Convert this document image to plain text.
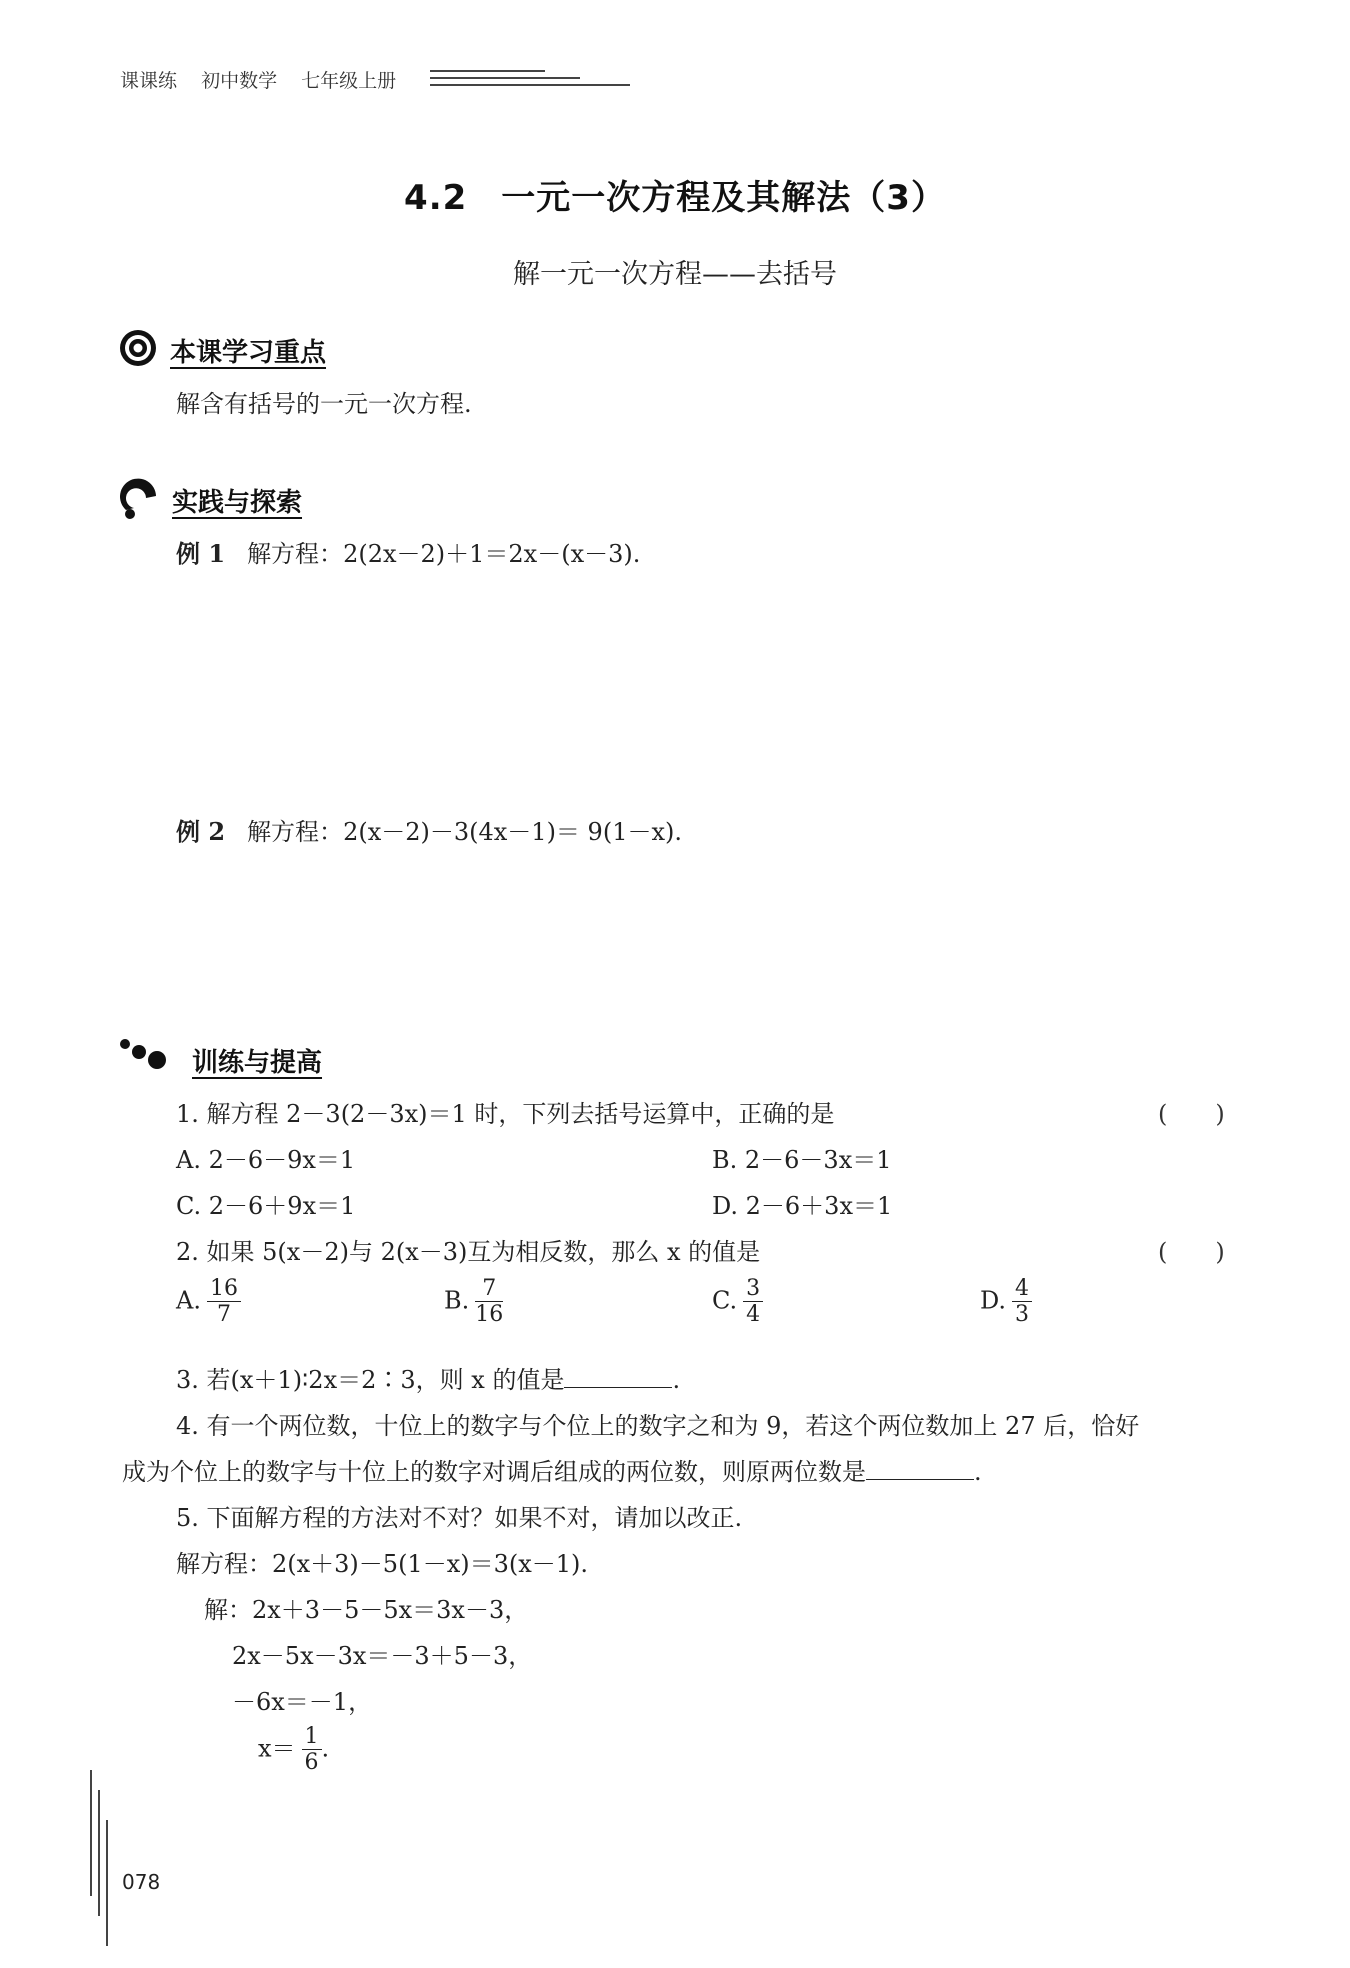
课课练 初中数学 七年级上册
4.2 一元一次方程及其解法（3）
解一元一次方程——去括号
本课学习重点
解含有括号的一元一次方程.
实践与探索
例 1 解方程：2(2x－2)＋1＝2x－(x－3).
例 2 解方程：2(x－2)－3(4x－1)＝ 9(1－x).
训练与提高
1. 解方程 2－3(2－3x)＝1 时，下列去括号运算中，正确的是	(　　)
A. 2－6－9x＝1	B. 2－6－3x＝1
C. 2－6＋9x＝1	D. 2－6＋3x＝1
2. 如果 5(x－2)与 2(x－3)互为相反数，那么 x 的值是	(　　)
A. $\frac{16}{7}$	B. $\frac{7}{16}$	C. $\frac{3}{4}$	D. $\frac{4}{3}$
3. 若(x＋1)∶2x＝2∶3，则 x 的值是	.
4. 有一个两位数，十位上的数字与个位上的数字之和为 9，若这个两位数加上 27 后，恰好
成为个位上的数字与十位上的数字对调后组成的两位数，则原两位数是	.
5. 下面解方程的方法对不对？如果不对，请加以改正.
解方程：2(x＋3)－5(1－x)＝3(x－1).
解：2x＋3－5－5x＝3x－3，
2x－5x－3x＝－3＋5－3，
－6x＝－1，
$x= \frac{1}{6}$ .
078
